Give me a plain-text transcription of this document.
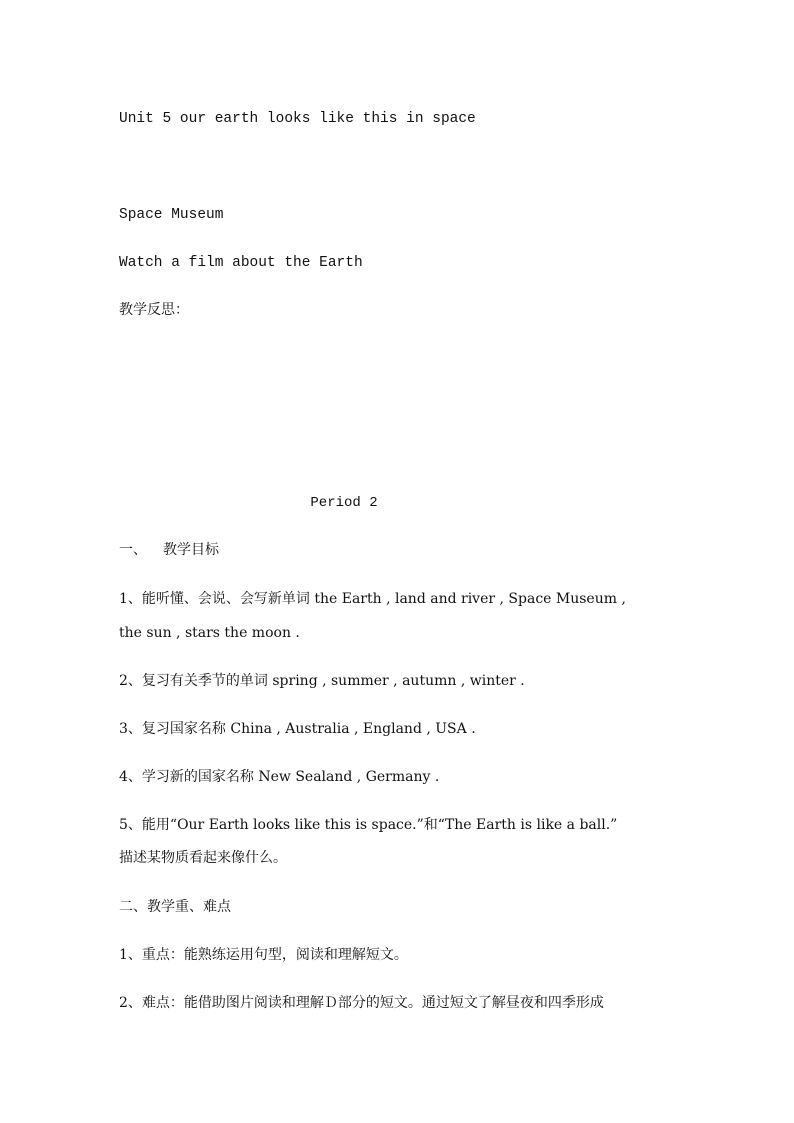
Unit 5 our earth looks like this in space
Space Museum
Watch a film about the Earth
教学反思：
Period 2
一、 教学目标
1、能听懂、会说、会写新单词 the Earth , land and river , Space Museum ,
the sun , stars the moon .
2、复习有关季节的单词 spring , summer , autumn , winter .
3、复习国家名称 China , Australia , England , USA .
4、学习新的国家名称 New Sealand , Germany .
5、能用“Our Earth looks like this is space.”和“The Earth is like a ball.”
描述某物质看起来像什么。
二、教学重、难点
1、重点：能熟练运用句型，阅读和理解短文。
2、难点：能借助图片阅读和理解Ｄ部分的短文。通过短文了解昼夜和四季形成
